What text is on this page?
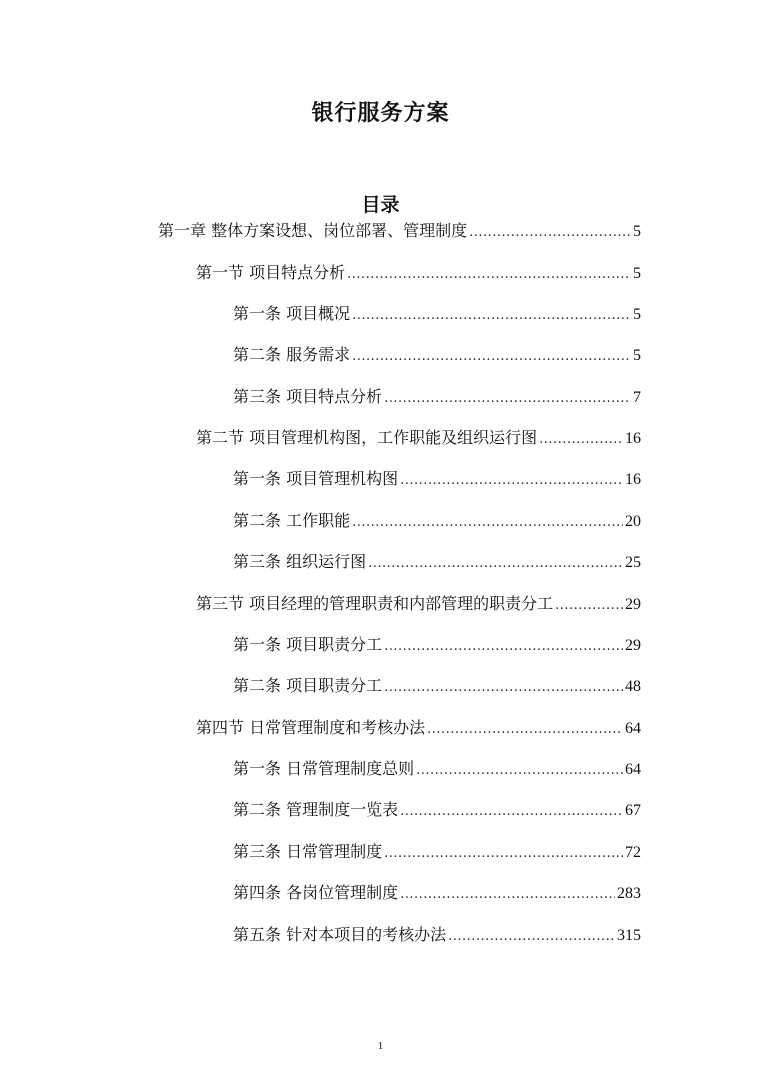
银行服务方案
目录
第一章 整体方案设想、岗位部署、管理制度 .....	5
第一节 项目特点分析 .....	5
第一条 项目概况 .....	5
第二条 服务需求 .....	5
第三条 项目特点分析 .....	7
第二节 项目管理机构图，工作职能及组织运行图 .....	16
第一条 项目管理机构图 .....	16
第二条 工作职能 .....	20
第三条 组织运行图 .....	25
第三节 项目经理的管理职责和内部管理的职责分工 .....	29
第一条 项目职责分工 .....	29
第二条 项目职责分工 .....	48
第四节 日常管理制度和考核办法 .....	64
第一条 日常管理制度总则 .....	64
第二条 管理制度一览表 .....	67
第三条 日常管理制度 .....	72
第四条 各岗位管理制度 .....	283
第五条 针对本项目的考核办法 .....	315
1
